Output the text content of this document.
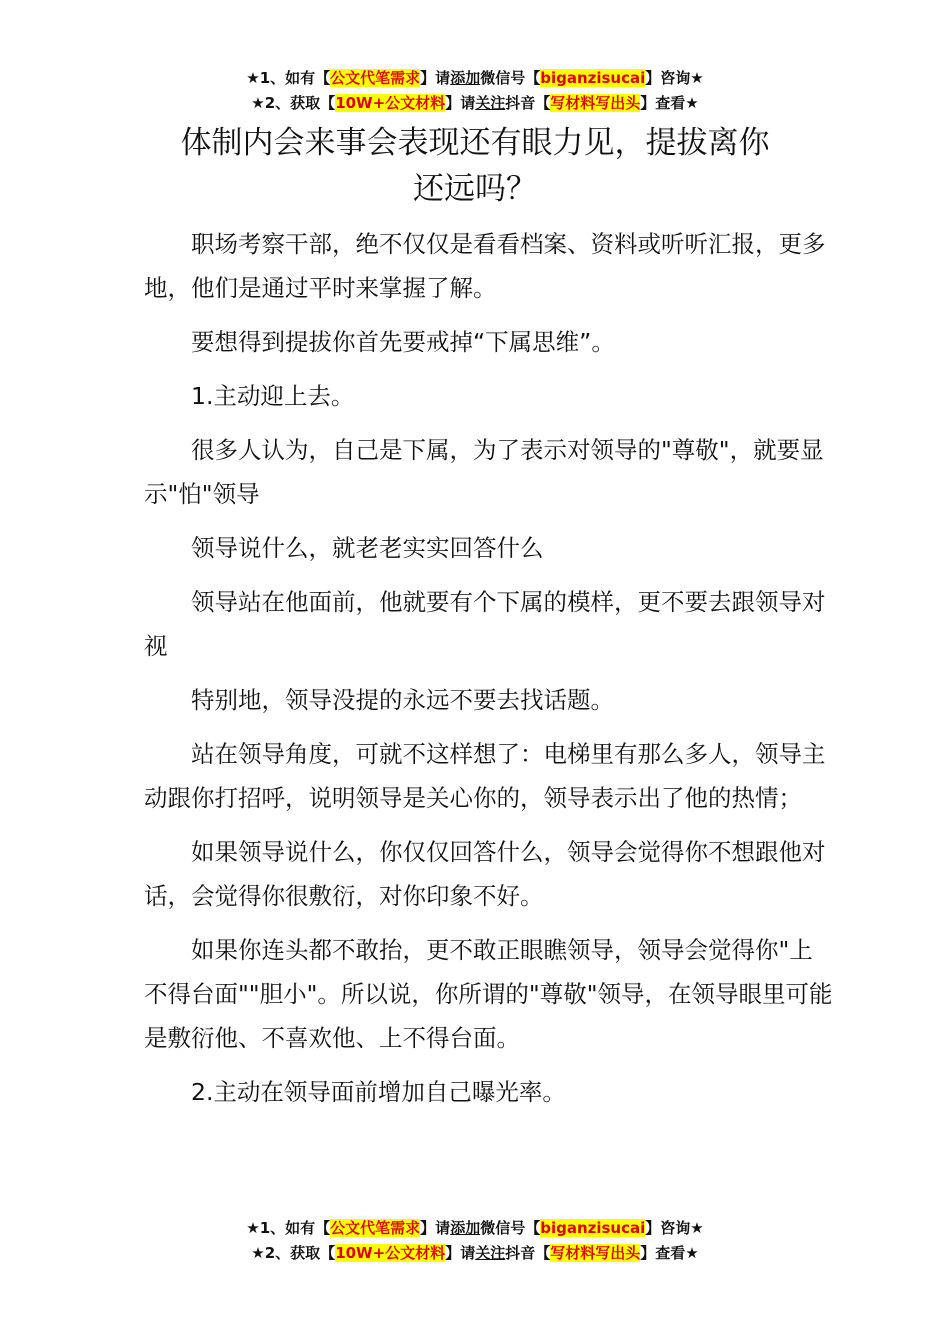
★1、如有【公文代笔需求】请添加微信号【biganzisucai】咨询★
★2、获取【10W+公文材料】请关注抖音【写材料写出头】查看★
体制内会来事会表现还有眼力见，提拔离你
还远吗？

职场考察干部，绝不仅仅是看看档案、资料或听听汇报，更多地，他们是通过平时来掌握了解。

要想得到提拔你首先要戒掉“下属思维”。

1.主动迎上去。

很多人认为，自己是下属，为了表示对领导的"尊敬"，就要显示"怕"领导

领导说什么，就老老实实回答什么

领导站在他面前，他就要有个下属的模样，更不要去跟领导对视

特别地，领导没提的永远不要去找话题。

站在领导角度，可就不这样想了：电梯里有那么多人，领导主动跟你打招呼，说明领导是关心你的，领导表示出了他的热情；

如果领导说什么，你仅仅回答什么，领导会觉得你不想跟他对话，会觉得你很敷衍，对你印象不好。

如果你连头都不敢抬，更不敢正眼瞧领导，领导会觉得你"上不得台面""胆小"。所以说，你所谓的"尊敬"领导，在领导眼里可能是敷衍他、不喜欢他、上不得台面。

2.主动在领导面前增加自己曝光率。

★1、如有【公文代笔需求】请添加微信号【biganzisucai】咨询★
★2、获取【10W+公文材料】请关注抖音【写材料写出头】查看★
